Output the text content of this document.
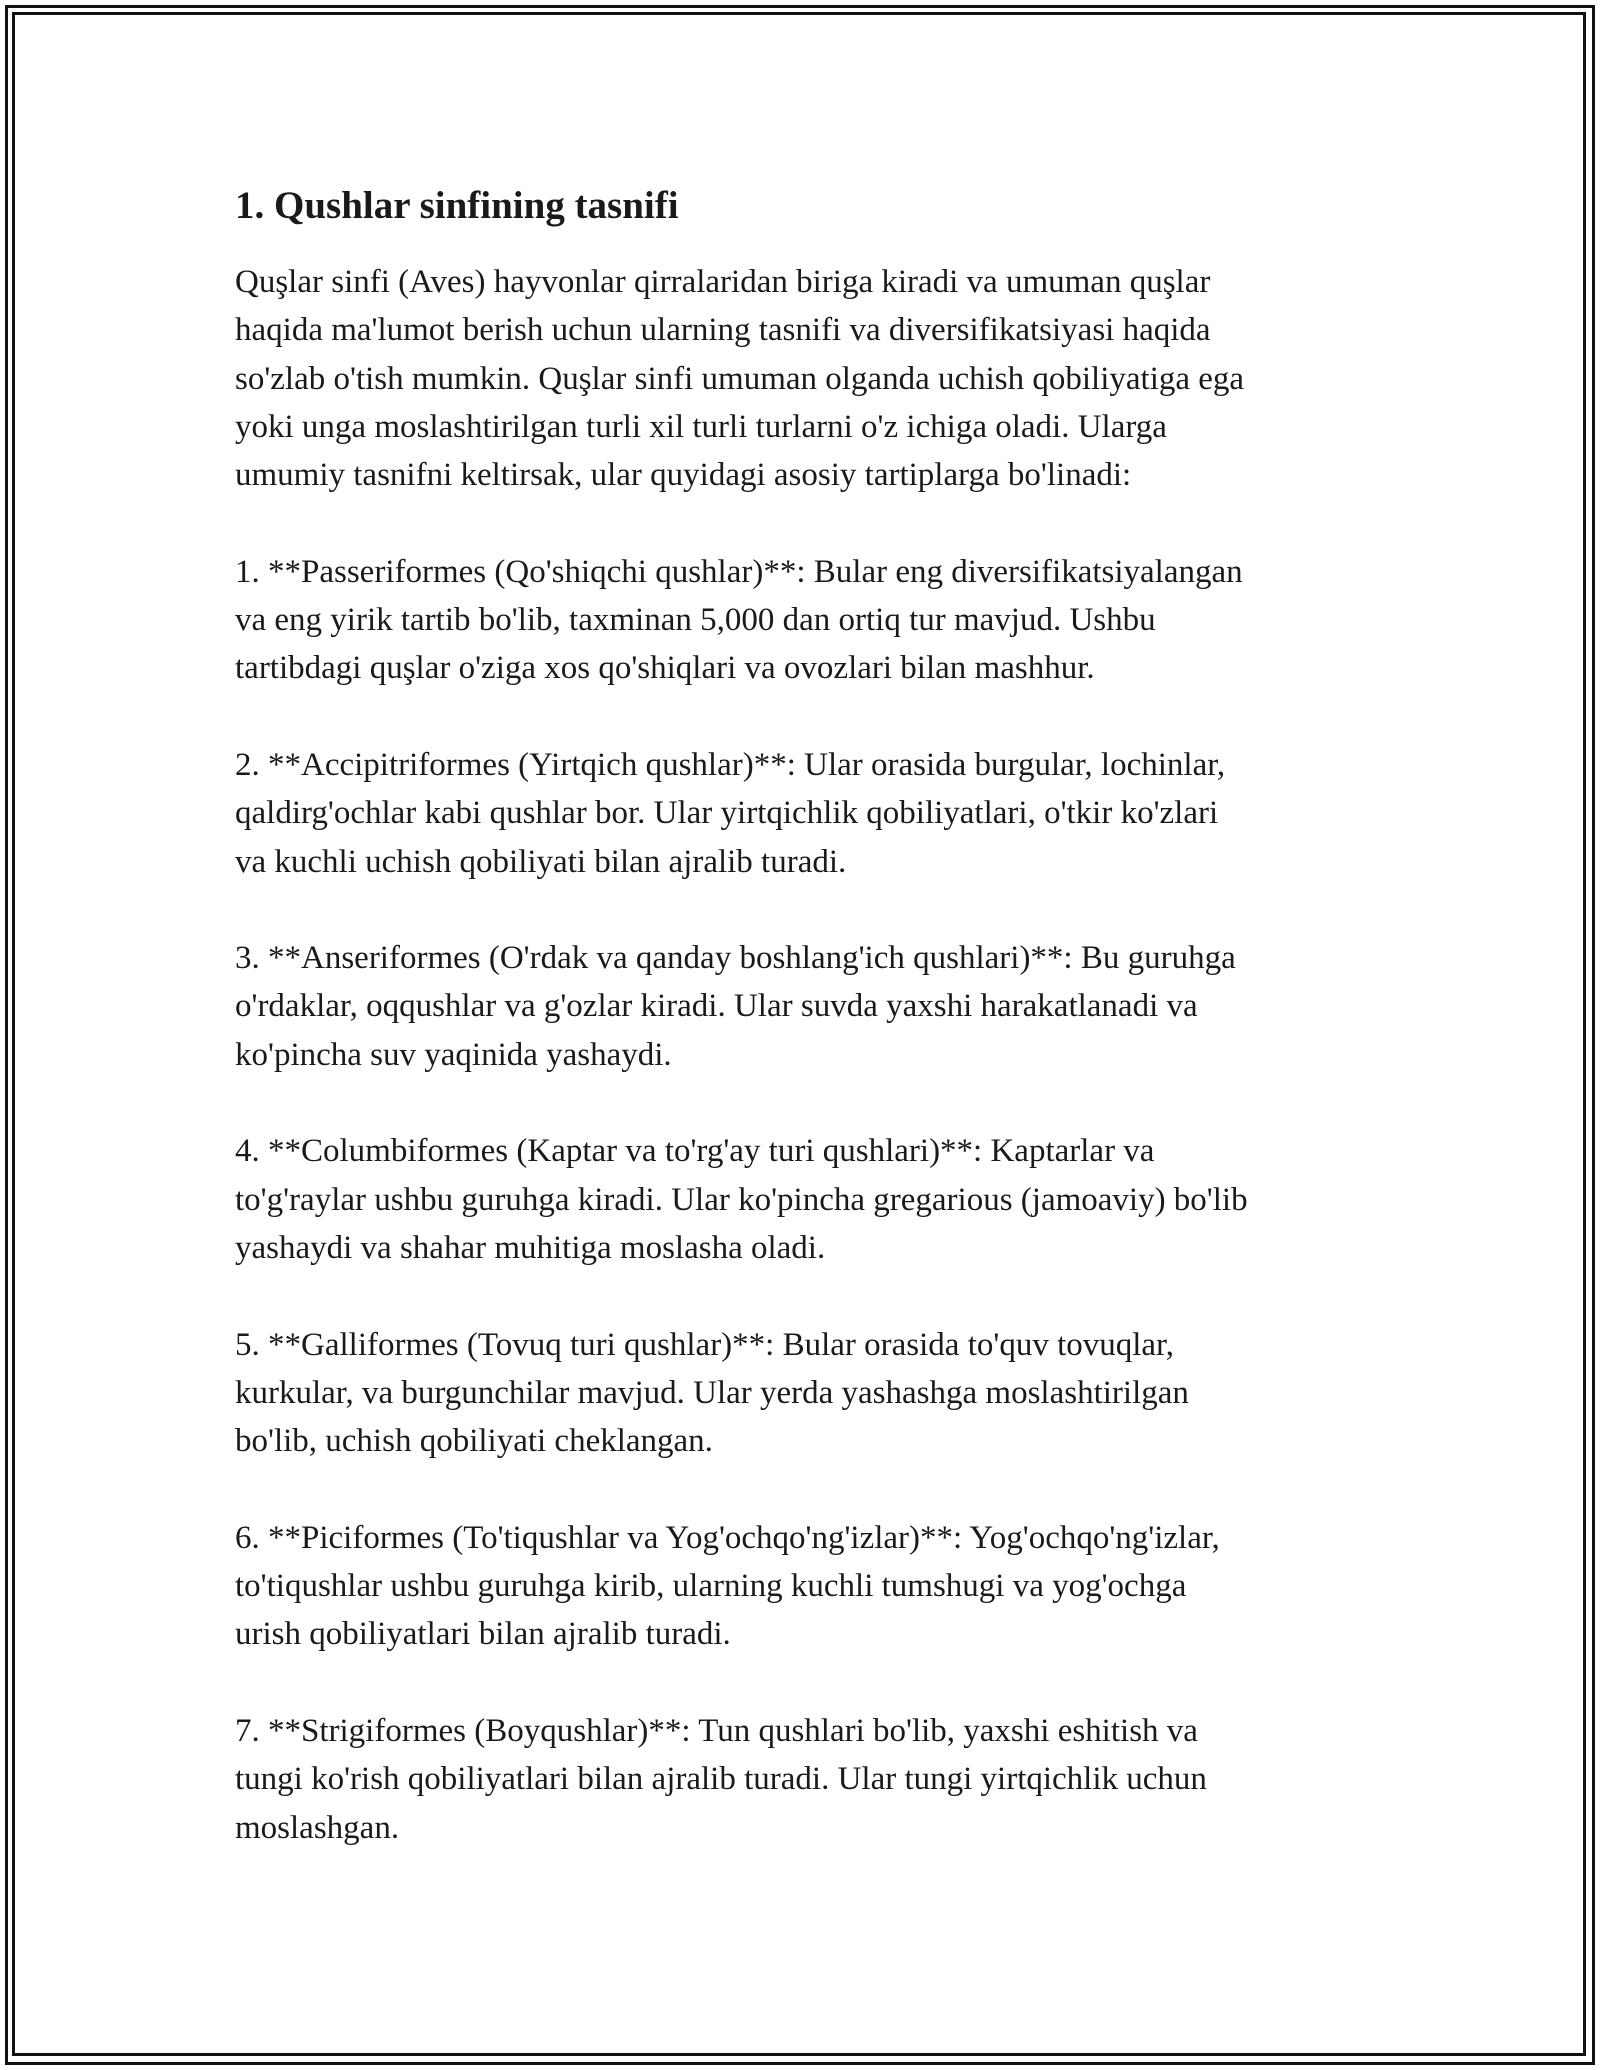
1. Qushlar sinfining tasnifi

Quşlar sinfi (Aves) hayvonlar qirralaridan biriga kiradi va umuman quşlar
haqida ma'lumot berish uchun ularning tasnifi va diversifikatsiyasi haqida
so'zlab o'tish mumkin. Quşlar sinfi umuman olganda uchish qobiliyatiga ega
yoki unga moslashtirilgan turli xil turli turlarni o'z ichiga oladi. Ularga
umumiy tasnifni keltirsak, ular quyidagi asosiy tartiplarga bo'linadi:

1. **Passeriformes (Qo'shiqchi qushlar)**: Bular eng diversifikatsiyalangan
va eng yirik tartib bo'lib, taxminan 5,000 dan ortiq tur mavjud. Ushbu
tartibdagi quşlar o'ziga xos qo'shiqlari va ovozlari bilan mashhur.

2. **Accipitriformes (Yirtqich qushlar)**: Ular orasida burgular, lochinlar,
qaldirg'ochlar kabi qushlar bor. Ular yirtqichlik qobiliyatlari, o'tkir ko'zlari
va kuchli uchish qobiliyati bilan ajralib turadi.

3. **Anseriformes (O'rdak va qanday boshlang'ich qushlari)**: Bu guruhga
o'rdaklar, oqqushlar va g'ozlar kiradi. Ular suvda yaxshi harakatlanadi va
ko'pincha suv yaqinida yashaydi.

4. **Columbiformes (Kaptar va to'rg'ay turi qushlari)**: Kaptarlar va
to'g'raylar ushbu guruhga kiradi. Ular ko'pincha gregarious (jamoaviy) bo'lib
yashaydi va shahar muhitiga moslasha oladi.

5. **Galliformes (Tovuq turi qushlar)**: Bular orasida to'quv tovuqlar,
kurkular, va burgunchilar mavjud. Ular yerda yashashga moslashtirilgan
bo'lib, uchish qobiliyati cheklangan.

6. **Piciformes (To'tiqushlar va Yog'ochqo'ng'izlar)**: Yog'ochqo'ng'izlar,
to'tiqushlar ushbu guruhga kirib, ularning kuchli tumshugi va yog'ochga
urish qobiliyatlari bilan ajralib turadi.

7. **Strigiformes (Boyqushlar)**: Tun qushlari bo'lib, yaxshi eshitish va
tungi ko'rish qobiliyatlari bilan ajralib turadi. Ular tungi yirtqichlik uchun
moslashgan.
